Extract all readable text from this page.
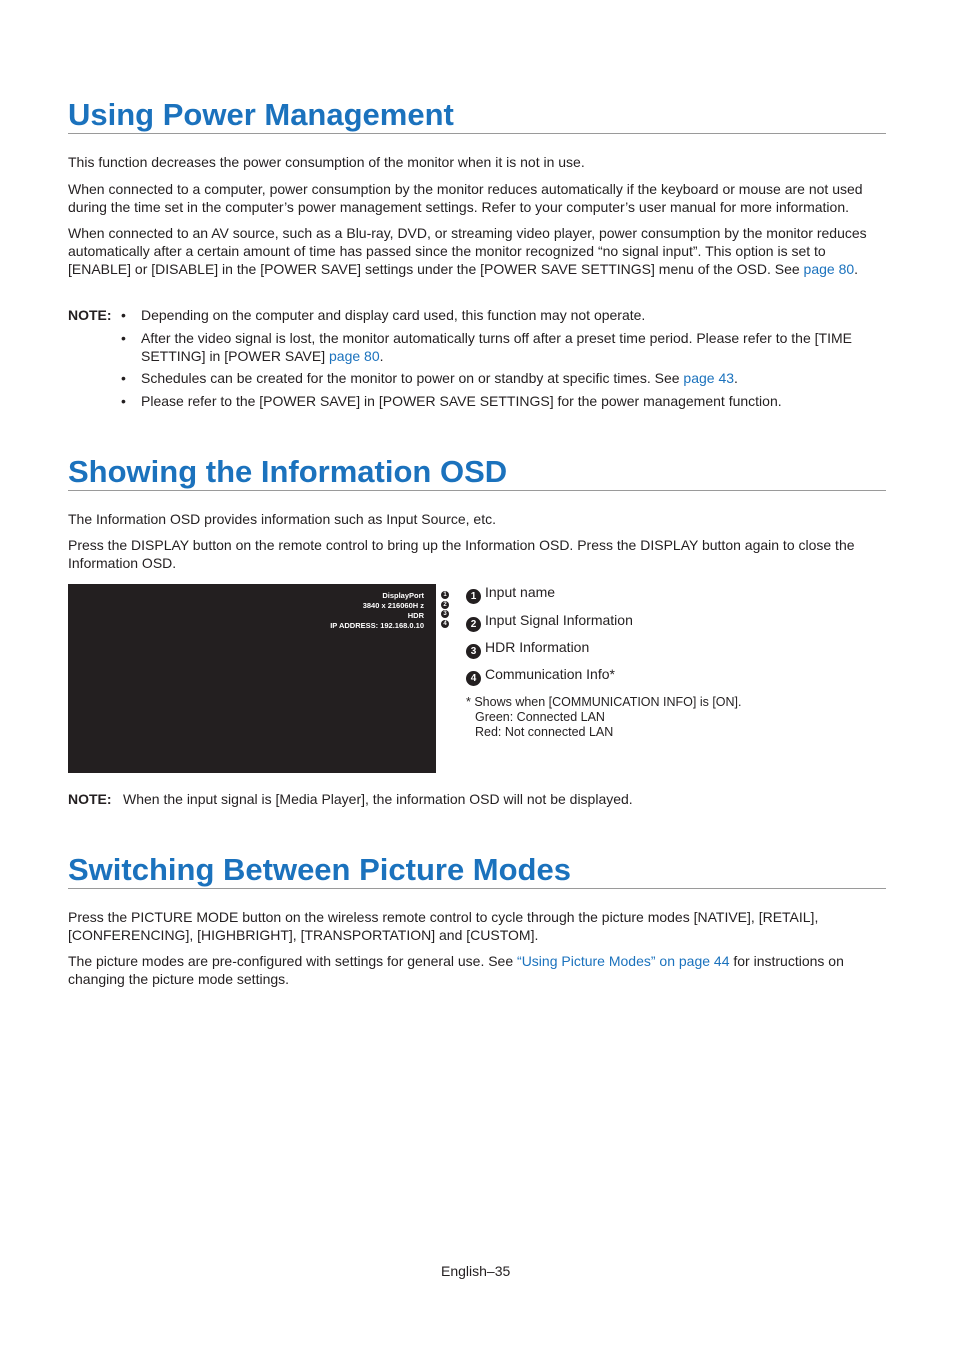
Using Power Management

This function decreases the power consumption of the monitor when it is not in use.

When connected to a computer, power consumption by the monitor reduces automatically if the keyboard or mouse are not used during the time set in the computer’s power management settings. Refer to your computer’s user manual for more information.

When connected to an AV source, such as a Blu-ray, DVD, or streaming video player, power consumption by the monitor reduces automatically after a certain amount of time has passed since the monitor recognized “no signal input”. This option is set to [ENABLE] or [DISABLE] in the [POWER SAVE] settings under the [POWER SAVE SETTINGS] menu of the OSD. See page 80.

NOTE: • Depending on the computer and display card used, this function may not operate.
• After the video signal is lost, the monitor automatically turns off after a preset time period. Please refer to the [TIME SETTING] in [POWER SAVE] page 80.
• Schedules can be created for the monitor to power on or standby at specific times. See page 43.
• Please refer to the [POWER SAVE] in [POWER SAVE SETTINGS] for the power management function.
Showing the Information OSD

The Information OSD provides information such as Input Source, etc.

Press the DISPLAY button on the remote control to bring up the Information OSD. Press the DISPLAY button again to close the Information OSD.

DisplayPort
3840 x 216060H z
HDR
IP ADDRESS: 192.168.0.10
1
2
3
4
1 Input name
2 Input Signal Information
3 HDR Information
4 Communication Info*
* Shows when [COMMUNICATION INFO] is [ON].
Green: Connected LAN
Red: Not connected LAN
NOTE: When the input signal is [Media Player], the information OSD will not be displayed.
Switching Between Picture Modes

Press the PICTURE MODE button on the wireless remote control to cycle through the picture modes [NATIVE], [RETAIL], [CONFERENCING], [HIGHBRIGHT], [TRANSPORTATION] and [CUSTOM].

The picture modes are pre-configured with settings for general use. See “Using Picture Modes” on page 44 for instructions on changing the picture mode settings.

English–35
